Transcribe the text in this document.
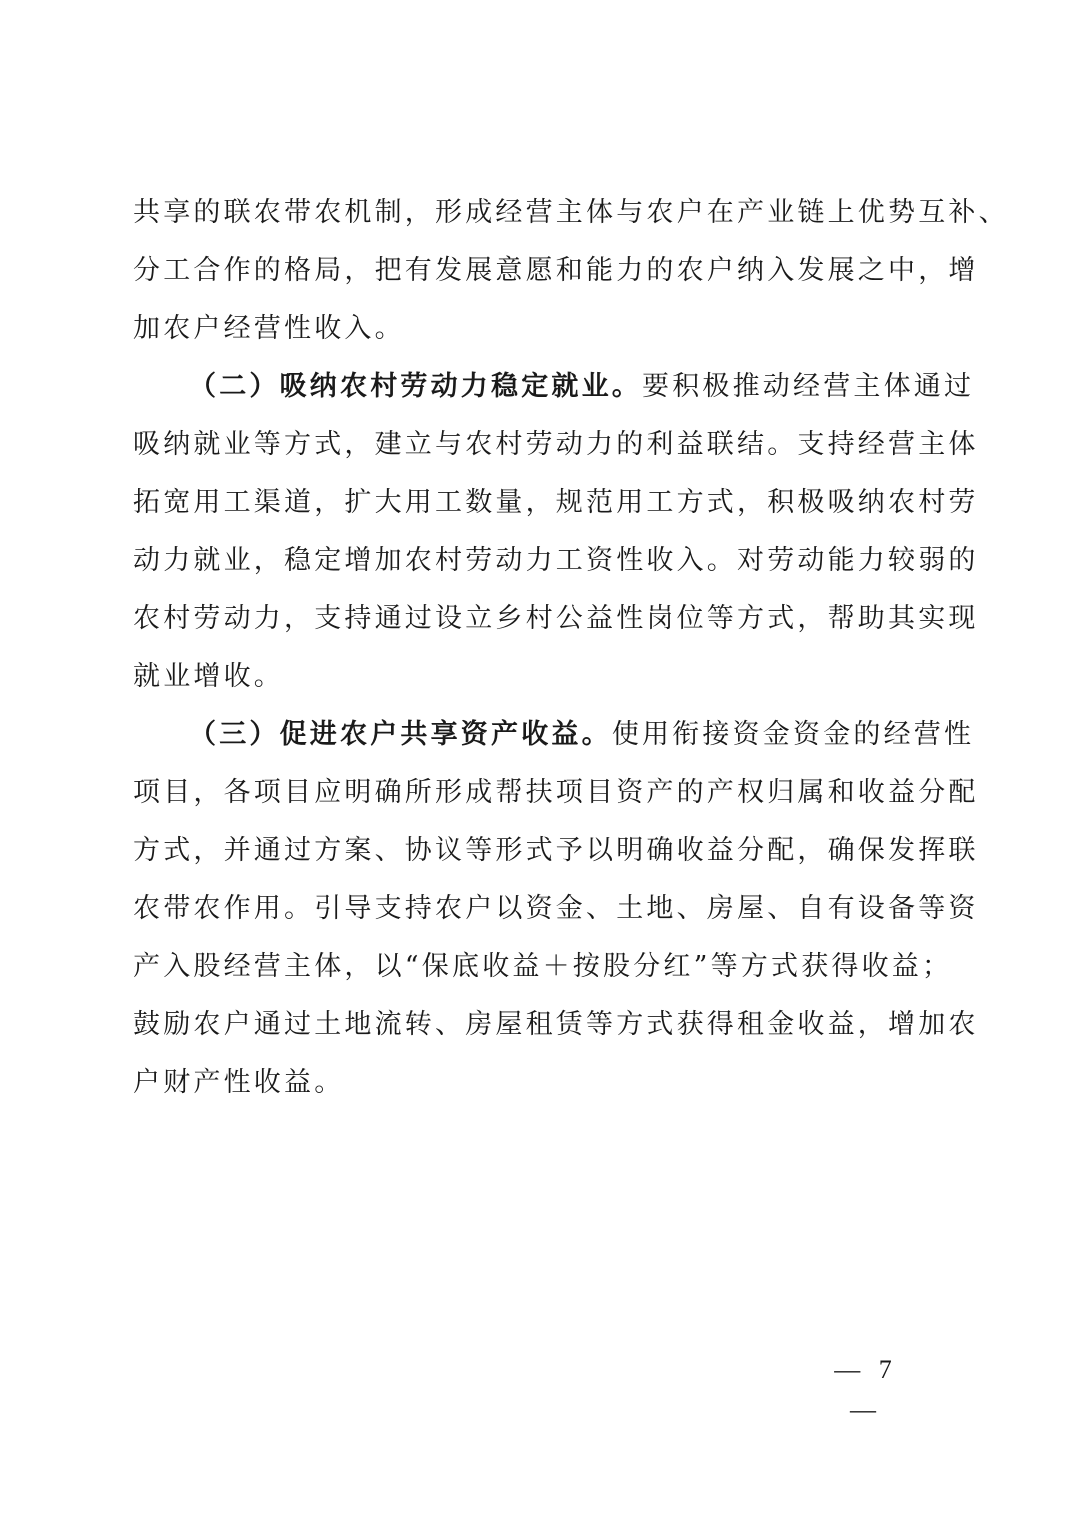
共享的联农带农机制，形成经营主体与农户在产业链上优势互补、
分工合作的格局，把有发展意愿和能力的农户纳入发展之中，增
加农户经营性收入。
（二）吸纳农村劳动力稳定就业。要积极推动经营主体通过
吸纳就业等方式，建立与农村劳动力的利益联结。支持经营主体
拓宽用工渠道，扩大用工数量，规范用工方式，积极吸纳农村劳
动力就业，稳定增加农村劳动力工资性收入。对劳动能力较弱的
农村劳动力，支持通过设立乡村公益性岗位等方式，帮助其实现
就业增收。
（三）促进农户共享资产收益。使用衔接资金资金的经营性
项目，各项目应明确所形成帮扶项目资产的产权归属和收益分配
方式，并通过方案、协议等形式予以明确收益分配，确保发挥联
农带农作用。引导支持农户以资金、土地、房屋、自有设备等资
产入股经营主体，以“保底收益＋按股分红”等方式获得收益；
鼓励农户通过土地流转、房屋租赁等方式获得租金收益，增加农
户财产性收益。
— 7 —
